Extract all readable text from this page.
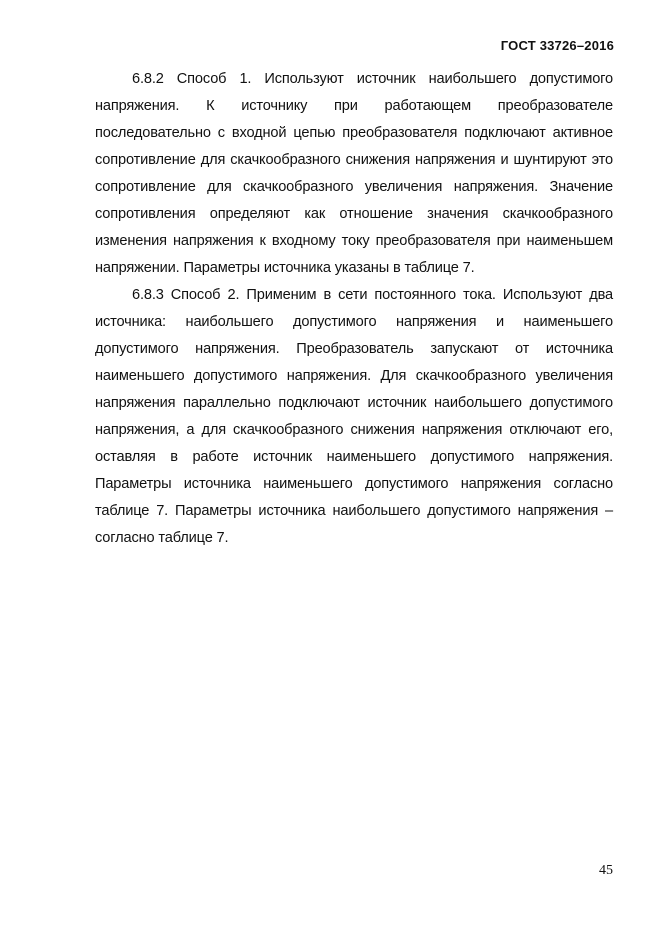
ГОСТ 33726–2016

6.8.2 Способ 1. Используют источник наибольшего допустимого напряжения. К источнику при работающем преобразователе последовательно с входной цепью преобразователя подключают активное сопротивление для скачкообразного снижения напряжения и шунтируют это сопротивление для скачкообразного увеличения напряжения. Значение сопротивления определяют как отношение значения скачкообразного изменения напряжения к входному току преобразователя при наименьшем напряжении. Параметры источника указаны в таблице 7.

6.8.3 Способ 2. Применим в сети постоянного тока. Используют два источника: наибольшего допустимого напряжения и наименьшего допустимого напряжения. Преобразователь запускают от источника наименьшего допустимого напряжения. Для скачкообразного увеличения напряжения параллельно подключают источник наибольшего допустимого напряжения, а для скачкообразного снижения напряжения отключают его, оставляя в работе источник наименьшего допустимого напряжения. Параметры источника наименьшего допустимого напряжения согласно таблице 7. Параметры источника наибольшего допустимого напряжения – согласно таблице 7.

45
